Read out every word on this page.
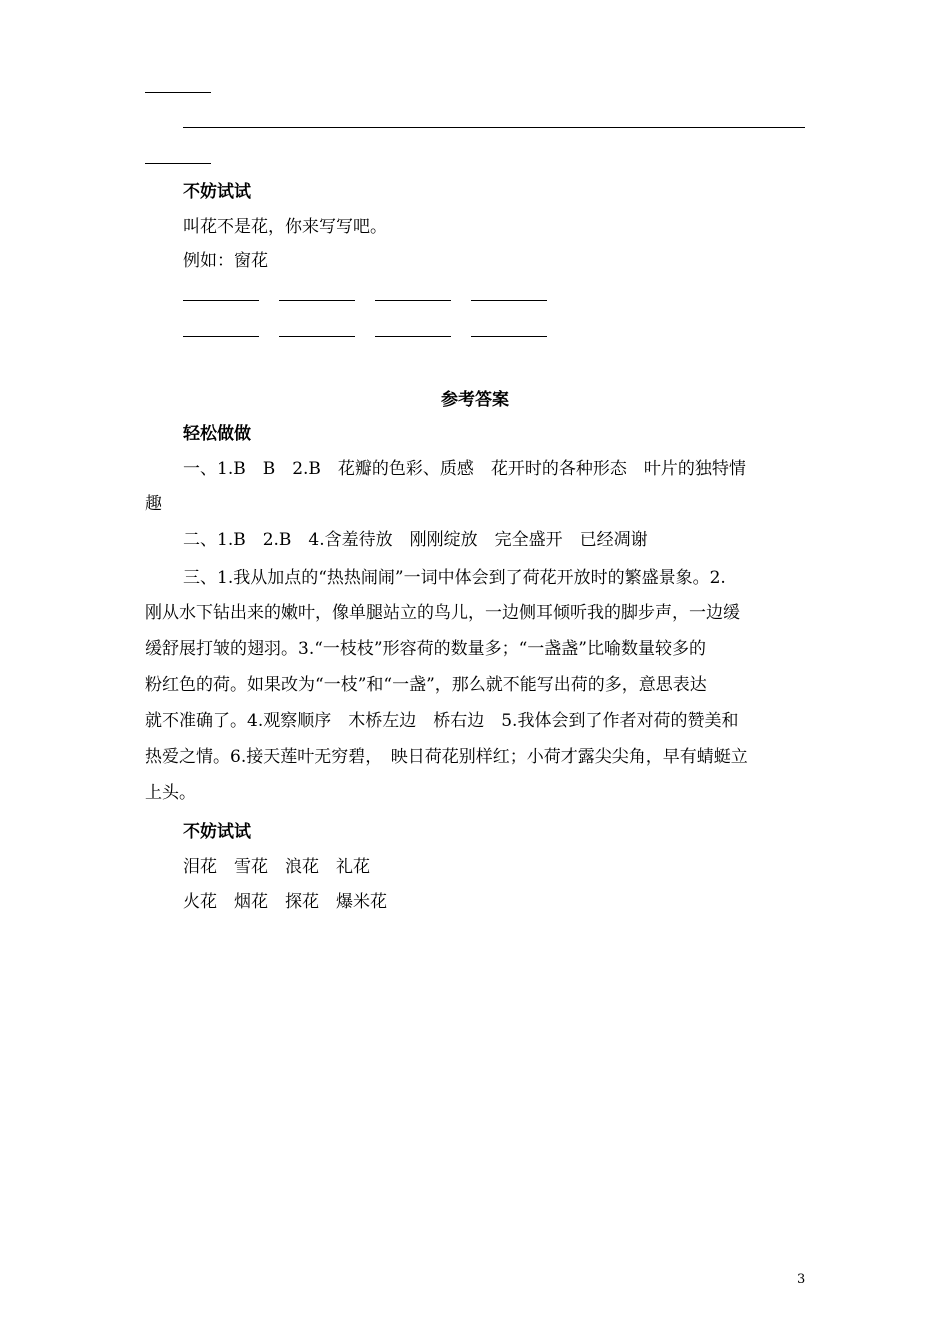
不妨试试
叫花不是花，你来写写吧。
例如：窗花
参考答案
轻松做做
一、1.B　B　2.B　花瓣的色彩、质感　花开时的各种形态　叶片的独特情
趣
二、1.B　2.B　4.含羞待放　刚刚绽放　完全盛开　已经凋谢
三、1.我从加点的“热热闹闹”一词中体会到了荷花开放时的繁盛景象。2.
刚从水下钻出来的嫩叶，像单腿站立的鸟儿，一边侧耳倾听我的脚步声，一边缓
缓舒展打皱的翅羽。3.“一枝枝”形容荷的数量多；“一盏盏”比喻数量较多的
粉红色的荷。如果改为“一枝”和“一盏”，那么就不能写出荷的多，意思表达
就不准确了。4.观察顺序　木桥左边　桥右边　5.我体会到了作者对荷的赞美和
热爱之情。6.接天莲叶无穷碧，　映日荷花别样红；小荷才露尖尖角，早有蜻蜓立
上头。
不妨试试
泪花　雪花　浪花　礼花
火花　烟花　探花　爆米花
3
